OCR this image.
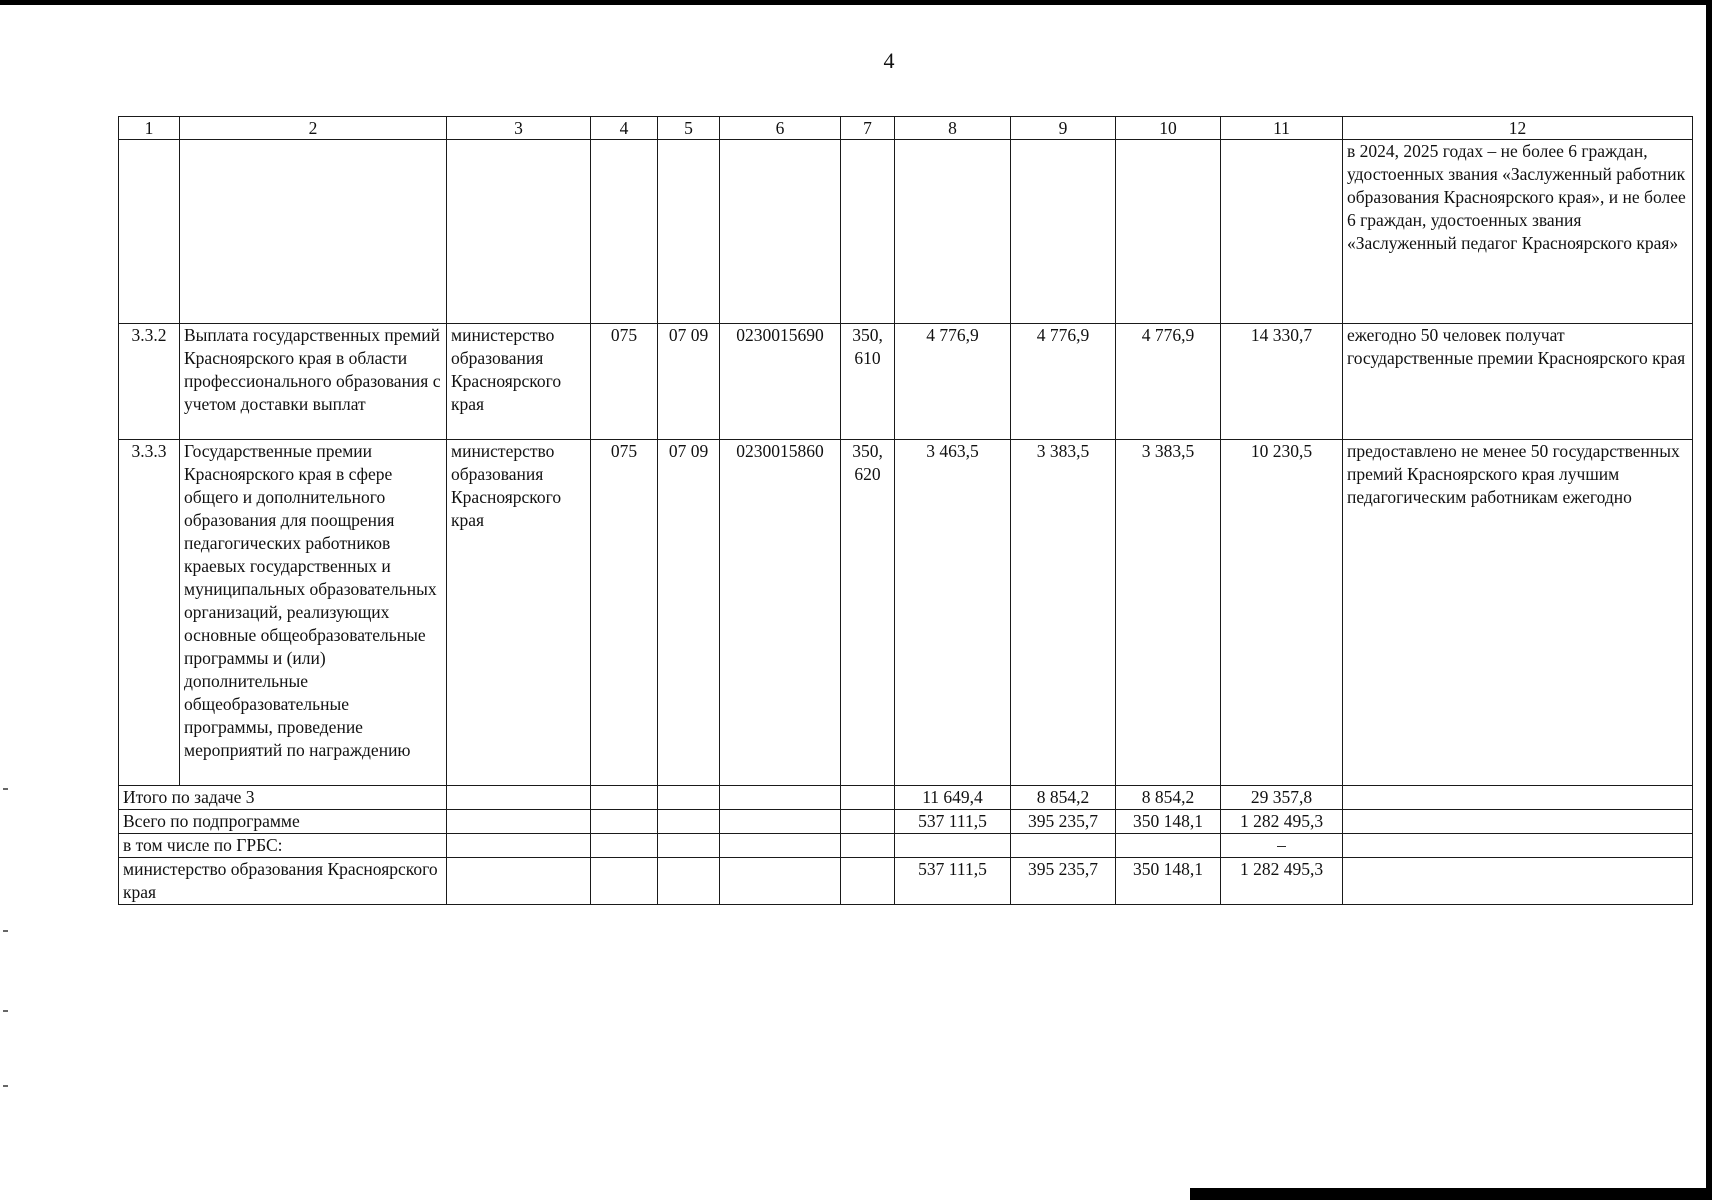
4
1	2	3	4	5	6	7	8	9	10	11	12
											в 2024, 2025 годах – не более 6 граждан, удостоенных звания «Заслуженный работник образования Красноярского края», и не более 6 граждан, удостоенных звания «Заслуженный педагог Красноярского края»
3.3.2	Выплата государственных премий Красноярского края в области профессионального образования с учетом доставки выплат	министерство образования Красноярского края	075	07 09	0230015690	350, 610	4 776,9	4 776,9	4 776,9	14 330,7	ежегодно 50 человек получат государственные премии Красноярского края
3.3.3	Государственные премии Красноярского края в сфере общего и дополнительного образования для поощрения педагогических работников краевых государственных и муниципальных образовательных организаций, реализующих основные общеобразовательные программы и (или) дополнительные общеобразовательные программы, проведение мероприятий по награждению	министерство образования Красноярского края	075	07 09	0230015860	350, 620	3 463,5	3 383,5	3 383,5	10 230,5	предоставлено не менее 50 государственных премий Красноярского края лучшим педагогическим работникам ежегодно
Итого по задаче 3							11 649,4	8 854,2	8 854,2	29 357,8	
Всего по подпрограмме							537 111,5	395 235,7	350 148,1	1 282 495,3	
в том числе по ГРБС:										–	
министерство образования Красноярского края							537 111,5	395 235,7	350 148,1	1 282 495,3	
